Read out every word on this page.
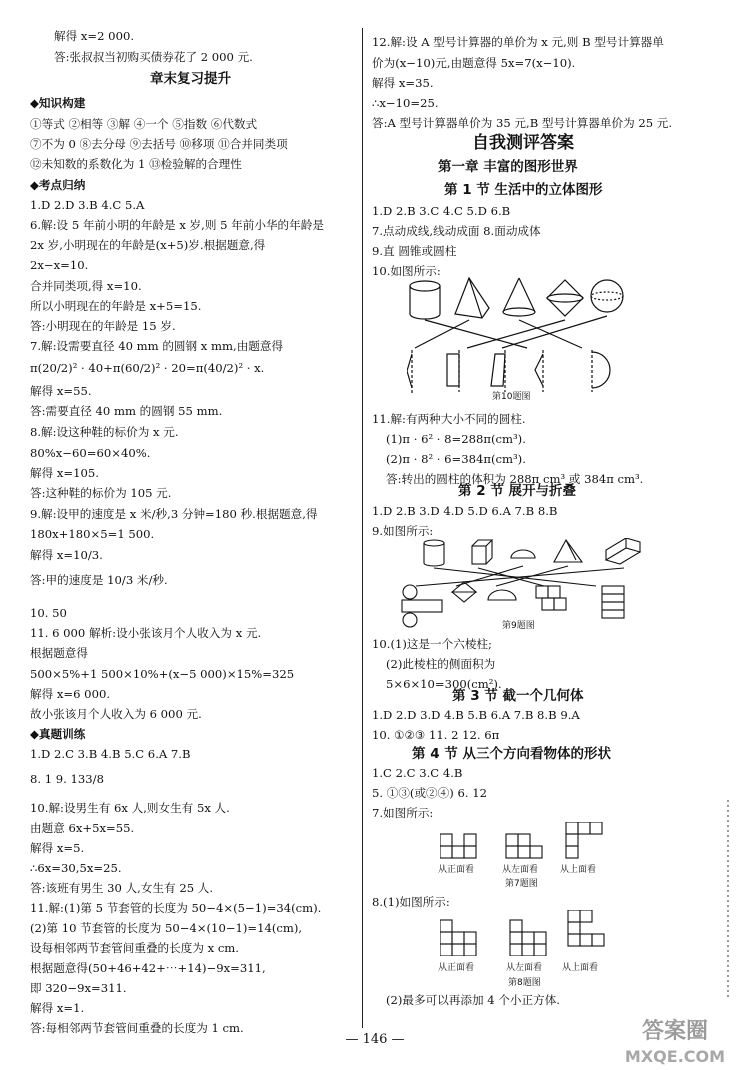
解得 x=2 000.
答:张叔叔当初购买债券花了 2 000 元.
章末复习提升
◆知识构建
①等式 ②相等 ③解 ④一个 ⑤指数 ⑥代数式
⑦不为 0 ⑧去分母 ⑨去括号 ⑩移项 ⑪合并同类项
⑫未知数的系数化为 1 ⑬检验解的合理性
◆考点归纳
1.D 2.D 3.B 4.C 5.A
6.解:设 5 年前小明的年龄是 x 岁,则 5 年前小华的年龄是
2x 岁,小明现在的年龄是(x+5)岁.根据题意,得
2x−x=10.
合并同类项,得 x=10.
所以小明现在的年龄是 x+5=15.
答:小明现在的年龄是 15 岁.
7.解:设需要直径 40 mm 的圆钢 x mm,由题意得
π(20/2)² · 40+π(60/2)² · 20=π(40/2)² · x.
解得 x=55.
答:需要直径 40 mm 的圆钢 55 mm.
8.解:设这种鞋的标价为 x 元.
80%x−60=60×40%.
解得 x=105.
答:这种鞋的标价为 105 元.
9.解:设甲的速度是 x 米/秒,3 分钟=180 秒.根据题意,得
180x+180×5=1 500.
解得 x=10/3.
答:甲的速度是 10/3 米/秒.
10. 50
11. 6 000 解析:设小张该月个人收入为 x 元.
根据题意得
500×5%+1 500×10%+(x−5 000)×15%=325
解得 x=6 000.
故小张该月个人收入为 6 000 元.
◆真题训练
1.D 2.C 3.B 4.B 5.C 6.A 7.B
8. 1 9. 133/8
10.解:设男生有 6x 人,则女生有 5x 人.
由题意 6x+5x=55.
解得 x=5.
∴6x=30,5x=25.
答:该班有男生 30 人,女生有 25 人.
11.解:(1)第 5 节套管的长度为 50−4×(5−1)=34(cm).
(2)第 10 节套管的长度为 50−4×(10−1)=14(cm),
设每相邻两节套管间重叠的长度为 x cm.
根据题意得(50+46+42+⋯+14)−9x=311,
即 320−9x=311.
解得 x=1.
答:每相邻两节套管间重叠的长度为 1 cm.
12.解:设 A 型号计算器的单价为 x 元,则 B 型号计算器单
价为(x−10)元,由题意得 5x=7(x−10).
解得 x=35.
∴x−10=25.
答:A 型号计算器单价为 35 元,B 型号计算器单价为 25 元.
自我测评答案
第一章 丰富的图形世界
第 1 节 生活中的立体图形
1.D 2.B 3.C 4.C 5.D 6.B
7.点动成线,线动成面 8.面动成体
9.直 圆锥或圆柱
10.如图所示:
第10题图
11.解:有两种大小不同的圆柱.
(1)π · 6² · 8=288π(cm³).
(2)π · 8² · 6=384π(cm³).
答:转出的圆柱的体积为 288π cm³ 或 384π cm³.
第 2 节 展开与折叠
1.D 2.B 3.D 4.D 5.D 6.A 7.B 8.B
9.如图所示:
第9题图
10.(1)这是一个六棱柱;
(2)此棱柱的侧面积为
5×6×10=300(cm²).
第 3 节 截一个几何体
1.D 2.D 3.D 4.B 5.B 6.A 7.B 8.B 9.A
10. ①②③ 11. 2 12. 6π
第 4 节 从三个方向看物体的形状
1.C 2.C 3.C 4.B
5. ①③(或②④) 6. 12
7.如图所示:
从正面看	从左面看 从上面看
第7题图
8.(1)如图所示:
从正面看	从左面看 从上面看
第8题图
(2)最多可以再添加 4 个小正方体.
— 146 —	答案圈
MXQE.COM
